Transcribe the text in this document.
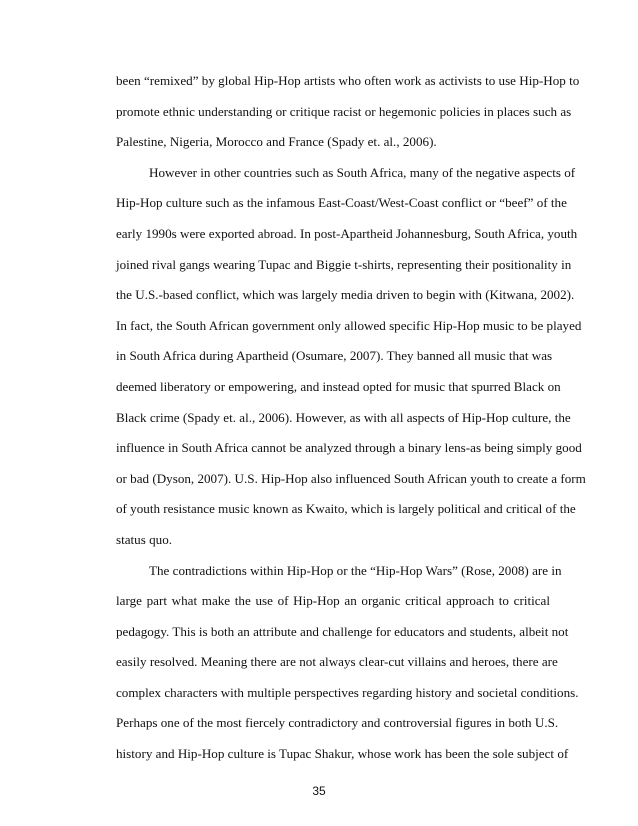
been “remixed” by global Hip-Hop artists who often work as activists to use Hip-Hop to
promote ethnic understanding or critique racist or hegemonic policies in places such as
Palestine, Nigeria, Morocco and France (Spady et. al., 2006).
However in other countries such as South Africa, many of the negative aspects of
Hip-Hop culture such as the infamous East-Coast/West-Coast conflict or “beef” of the
early 1990s were exported abroad. In post-Apartheid Johannesburg, South Africa, youth
joined rival gangs wearing Tupac and Biggie t-shirts, representing their positionality in
the U.S.-based conflict, which was largely media driven to begin with (Kitwana, 2002).
In fact, the South African government only allowed specific Hip-Hop music to be played
in South Africa during Apartheid (Osumare, 2007). They banned all music that was
deemed liberatory or empowering, and instead opted for music that spurred Black on
Black crime (Spady et. al., 2006). However, as with all aspects of Hip-Hop culture, the
influence in South Africa cannot be analyzed through a binary lens-as being simply good
or bad (Dyson, 2007). U.S. Hip-Hop also influenced South African youth to create a form
of youth resistance music known as Kwaito, which is largely political and critical of the
status quo.
The contradictions within Hip-Hop or the “Hip-Hop Wars” (Rose, 2008) are in
large part what make the use of Hip-Hop an organic critical approach to critical
pedagogy. This is both an attribute and challenge for educators and students, albeit not
easily resolved. Meaning there are not always clear-cut villains and heroes, there are
complex characters with multiple perspectives regarding history and societal conditions.
Perhaps one of the most fiercely contradictory and controversial figures in both U.S.
history and Hip-Hop culture is Tupac Shakur, whose work has been the sole subject of
35
